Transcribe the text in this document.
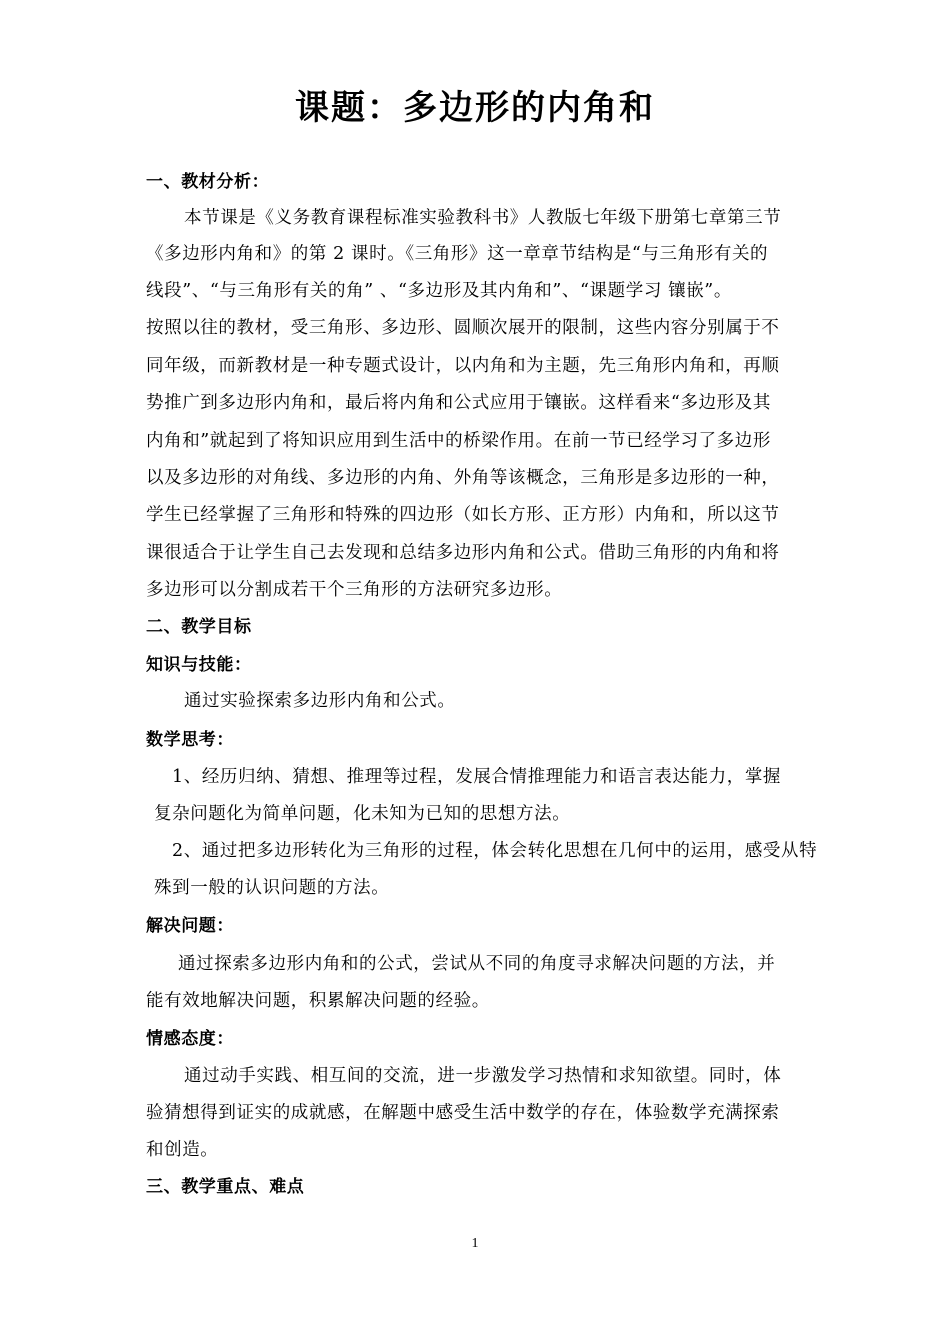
课题：多边形的内角和
一、教材分析：
本节课是《义务教育课程标准实验教科书》人教版七年级下册第七章第三节
《多边形内角和》的第 2 课时。《三角形》这一章章节结构是“与三角形有关的
线段”、“与三角形有关的角” 、“多边形及其内角和”、“课题学习 镶嵌”。
按照以往的教材，受三角形、多边形、圆顺次展开的限制，这些内容分别属于不
同年级，而新教材是一种专题式设计，以内角和为主题，先三角形内角和，再顺
势推广到多边形内角和，最后将内角和公式应用于镶嵌。这样看来“多边形及其
内角和”就起到了将知识应用到生活中的桥梁作用。在前一节已经学习了多边形
以及多边形的对角线、多边形的内角、外角等该概念，三角形是多边形的一种，
学生已经掌握了三角形和特殊的四边形（如长方形、正方形）内角和，所以这节
课很适合于让学生自己去发现和总结多边形内角和公式。借助三角形的内角和将
多边形可以分割成若干个三角形的方法研究多边形。
二、教学目标
知识与技能：
通过实验探索多边形内角和公式。
数学思考：
1、经历归纳、猜想、推理等过程，发展合情推理能力和语言表达能力，掌握
复杂问题化为简单问题，化未知为已知的思想方法。
2、通过把多边形转化为三角形的过程，体会转化思想在几何中的运用，感受从特
殊到一般的认识问题的方法。
解决问题：
通过探索多边形内角和的公式，尝试从不同的角度寻求解决问题的方法，并
能有效地解决问题，积累解决问题的经验。
情感态度：
通过动手实践、相互间的交流，进一步激发学习热情和求知欲望。同时，体
验猜想得到证实的成就感，在解题中感受生活中数学的存在，体验数学充满探索
和创造。
三、教学重点、难点
1
